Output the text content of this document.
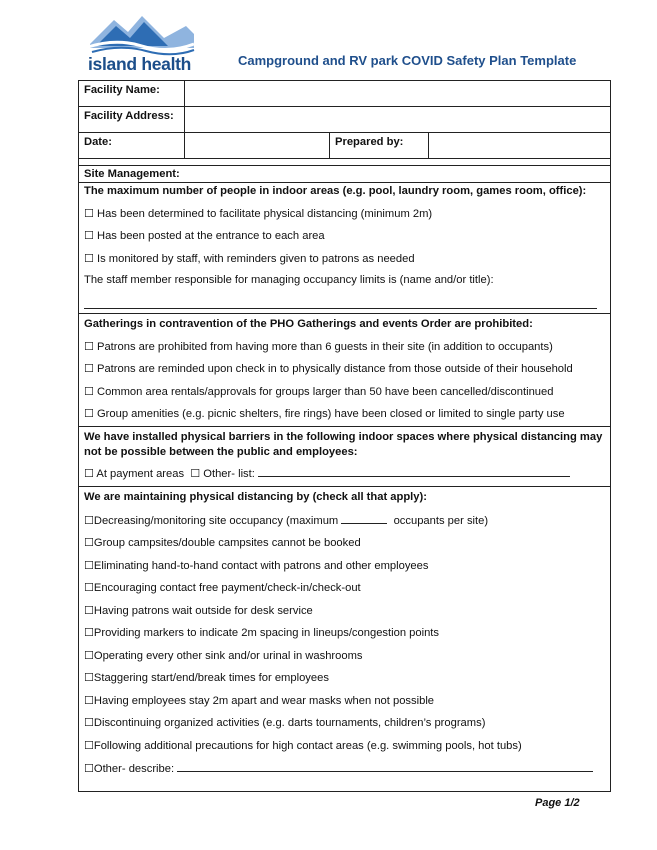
island health	Campground and RV park COVID Safety Plan Template
Facility Name:
Facility Address:
Date:	Prepared by:
Site Management:
The maximum number of people in indoor areas (e.g. pool, laundry room, games room, office):
☐ Has been determined to facilitate physical distancing (minimum 2m)
☐ Has been posted at the entrance to each area
☐ Is monitored by staff, with reminders given to patrons as needed
The staff member responsible for managing occupancy limits is (name and/or title):
Gatherings in contravention of the PHO Gatherings and events Order are prohibited:
☐ Patrons are prohibited from having more than 6 guests in their site (in addition to occupants)
☐ Patrons are reminded upon check in to physically distance from those outside of their household
☐ Common area rentals/approvals for groups larger than 50 have been cancelled/discontinued
☐ Group amenities (e.g. picnic shelters, fire rings) have been closed or limited to single party use
We have installed physical barriers in the following indoor spaces where physical distancing may not be possible between the public and employees:
☐ At payment areas ☐ Other- list:
We are maintaining physical distancing by (check all that apply):
☐Decreasing/monitoring site occupancy (maximum	occupants per site)
☐Group campsites/double campsites cannot be booked
☐Eliminating hand-to-hand contact with patrons and other employees
☐Encouraging contact free payment/check-in/check-out
☐Having patrons wait outside for desk service
☐Providing markers to indicate 2m spacing in lineups/congestion points
☐Operating every other sink and/or urinal in washrooms
☐Staggering start/end/break times for employees
☐Having employees stay 2m apart and wear masks when not possible
☐Discontinuing organized activities (e.g. darts tournaments, children’s programs)
☐Following additional precautions for high contact areas (e.g. swimming pools, hot tubs)
☐Other- describe:
Page 1/2
